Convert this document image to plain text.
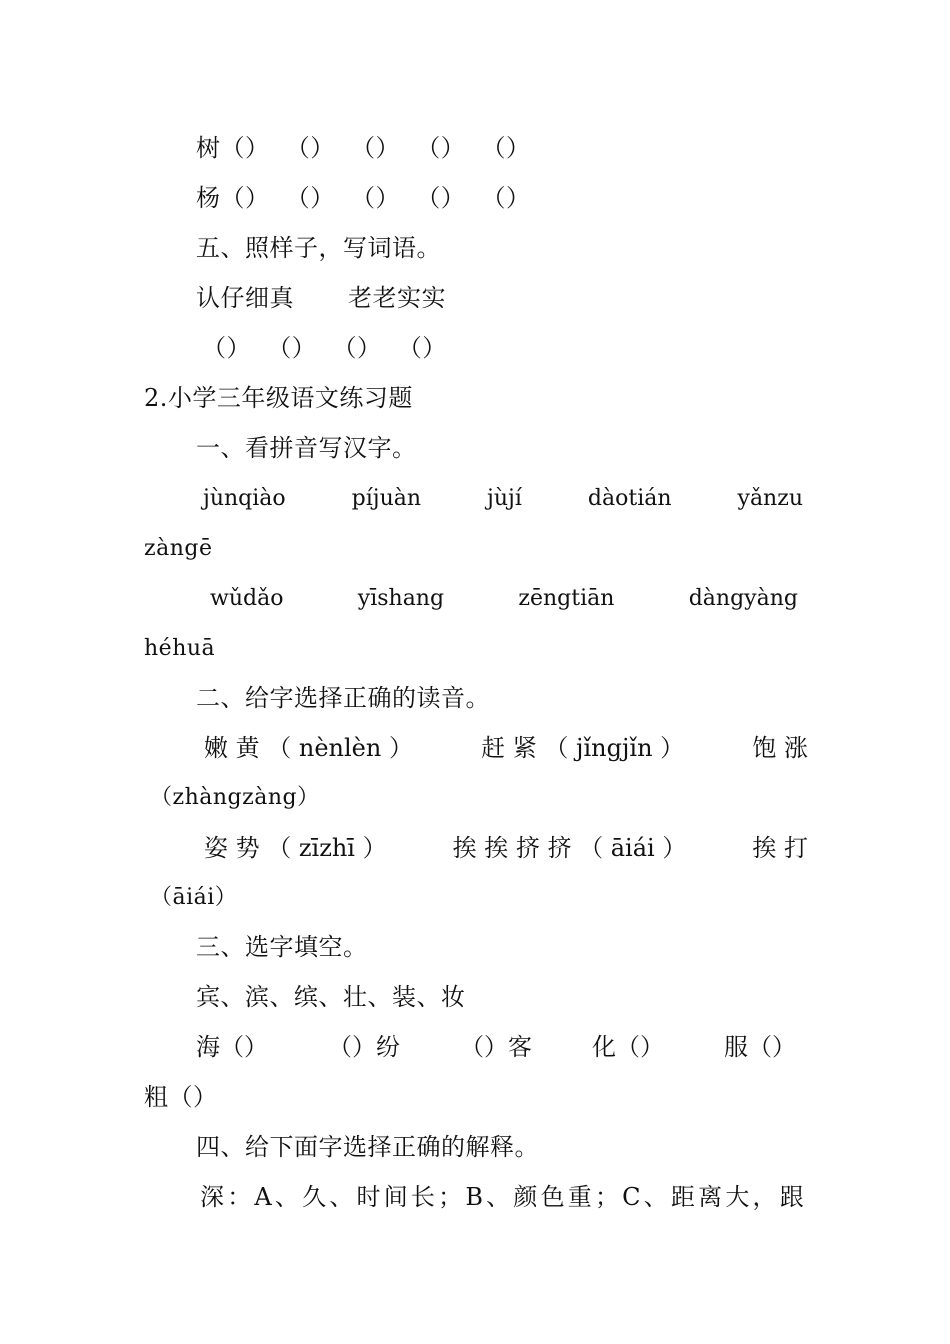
树（）  （）  （）  （）  （）
杨（）  （）  （）  （）  （）
五、照样子，写词语。
认仔细真 老老实实
（）  （）  （）  （）
2.小学三年级语文练习题
一、看拼音写汉字。
jùnqiào	píjuàn	jùjí	dàotián	yǎnzu
zàngē
wǔdǎo	yīshang	zēngtiān	dàngyàng
héhuā
二、给字选择正确的读音。
嫩 黄 （ nènlèn ）	赶 紧 （ jǐngjǐn ）	饱 涨
（zhàngzàng）
姿 势 （ zīzhī ）	挨 挨 挤 挤 （ āiái ）	挨 打
（āiái）
三、选字填空。
宾、滨、缤、壮、装、妆
海（）	（）纷	（）客	化（）	服（）
粗（）
四、给下面字选择正确的解释。
深：A、久、时间长；B、颜色重；C、距离大，跟
